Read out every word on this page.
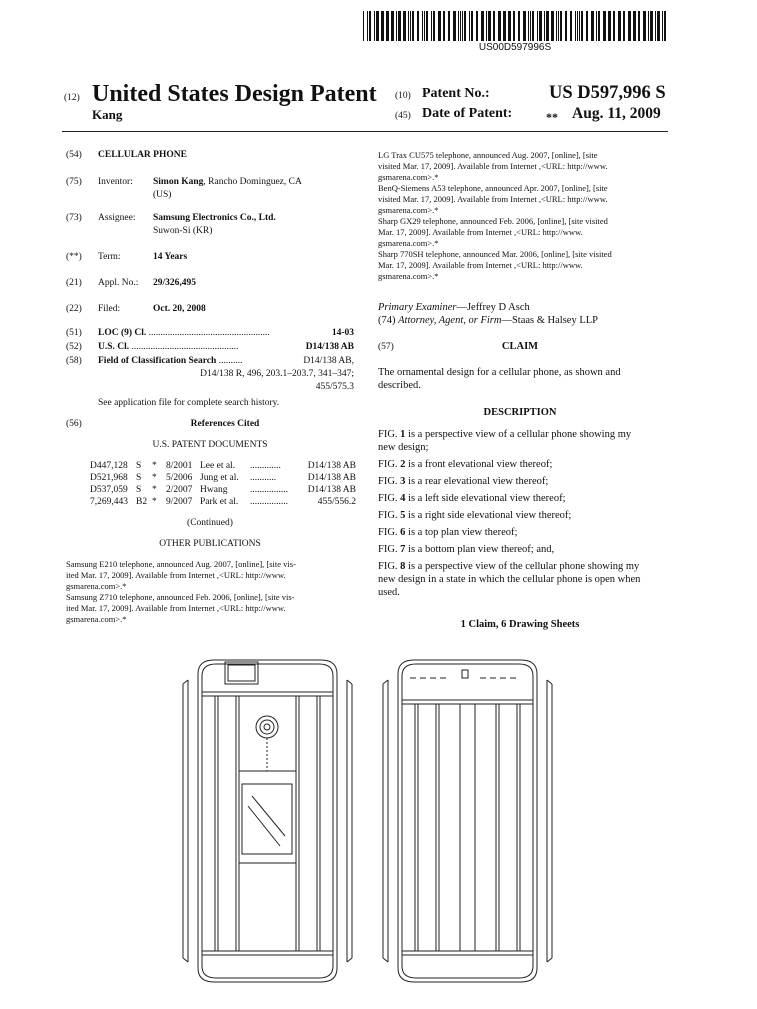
US00D597996S
(12) United States Design Patent
Kang
(10) Patent No.:	US D597,996 S
(45) Date of Patent:	** Aug. 11, 2009
(54) CELLULAR PHONE
(75) Inventor: Simon Kang, Rancho Dominguez, CA
(US)
(73) Assignee: Samsung Electronics Co., Ltd.
Suwon-Si (KR)
(**) Term:	14 Years
(21) Appl. No.: 29/326,495
(22) Filed:	Oct. 20, 2008
(51) LOC (9) Cl. ...................................................	14-03
(52) U.S. Cl. .............................................	D14/138 AB
(58) Field of Classification Search ..........	D14/138 AB,
D14/138 R, 496, 203.1–203.7, 341–347;
455/575.3
See application file for complete search history.
(56)	References Cited
U.S. PATENT DOCUMENTS
D447,128 S	* 8/2001 Lee et al.	.............	D14/138 AB
D521,968 S	* 5/2006 Jung et al.	...........	D14/138 AB
D537,059 S	* 2/2007 Hwang	................	D14/138 AB
7,269,443 B2 * 9/2007 Park et al.	................	455/556.2
(Continued)
OTHER PUBLICATIONS
Samsung E210 telephone, announced Aug. 2007, [online], [site vis-
ited Mar. 17, 2009]. Available from Internet ,<URL: http://www.
gsmarena.com>.*
Samsung Z710 telephone, announced Feb. 2006, [online], [site vis-
ited Mar. 17, 2009]. Available from Internet ,<URL: http://www.
gsmarena.com>.*
LG Trax CU575 telephone, announced Aug. 2007, [online], [site
visited Mar. 17, 2009]. Available from Internet ,<URL: http://www.
gsmarena.com>.*
BenQ-Siemens A53 telephone, announced Apr. 2007, [online], [site
visited Mar. 17, 2009]. Available from Internet ,<URL: http://www.
gsmarena.com>.*
Sharp GX29 telephone, announced Feb. 2006, [online], [site visited
Mar. 17, 2009]. Available from Internet ,<URL: http://www.
gsmarena.com>.*
Sharp 770SH telephone, announced Mar. 2006, [online], [site visited
Mar. 17, 2009]. Available from Internet ,<URL: http://www.
gsmarena.com>.*
Primary Examiner—Jeffrey D Asch
(74) Attorney, Agent, or Firm—Staas & Halsey LLP
(57)	CLAIM
The ornamental design for a cellular phone, as shown and
described.
DESCRIPTION
FIG. 1 is a perspective view of a cellular phone showing my
new design;
FIG. 2 is a front elevational view thereof;
FIG. 3 is a rear elevational view thereof;
FIG. 4 is a left side elevational view thereof;
FIG. 5 is a right side elevational view thereof;
FIG. 6 is a top plan view thereof;
FIG. 7 is a bottom plan view thereof; and,
FIG. 8 is a perspective view of the cellular phone showing my
new design in a state in which the cellular phone is open when
used.
1 Claim, 6 Drawing Sheets
